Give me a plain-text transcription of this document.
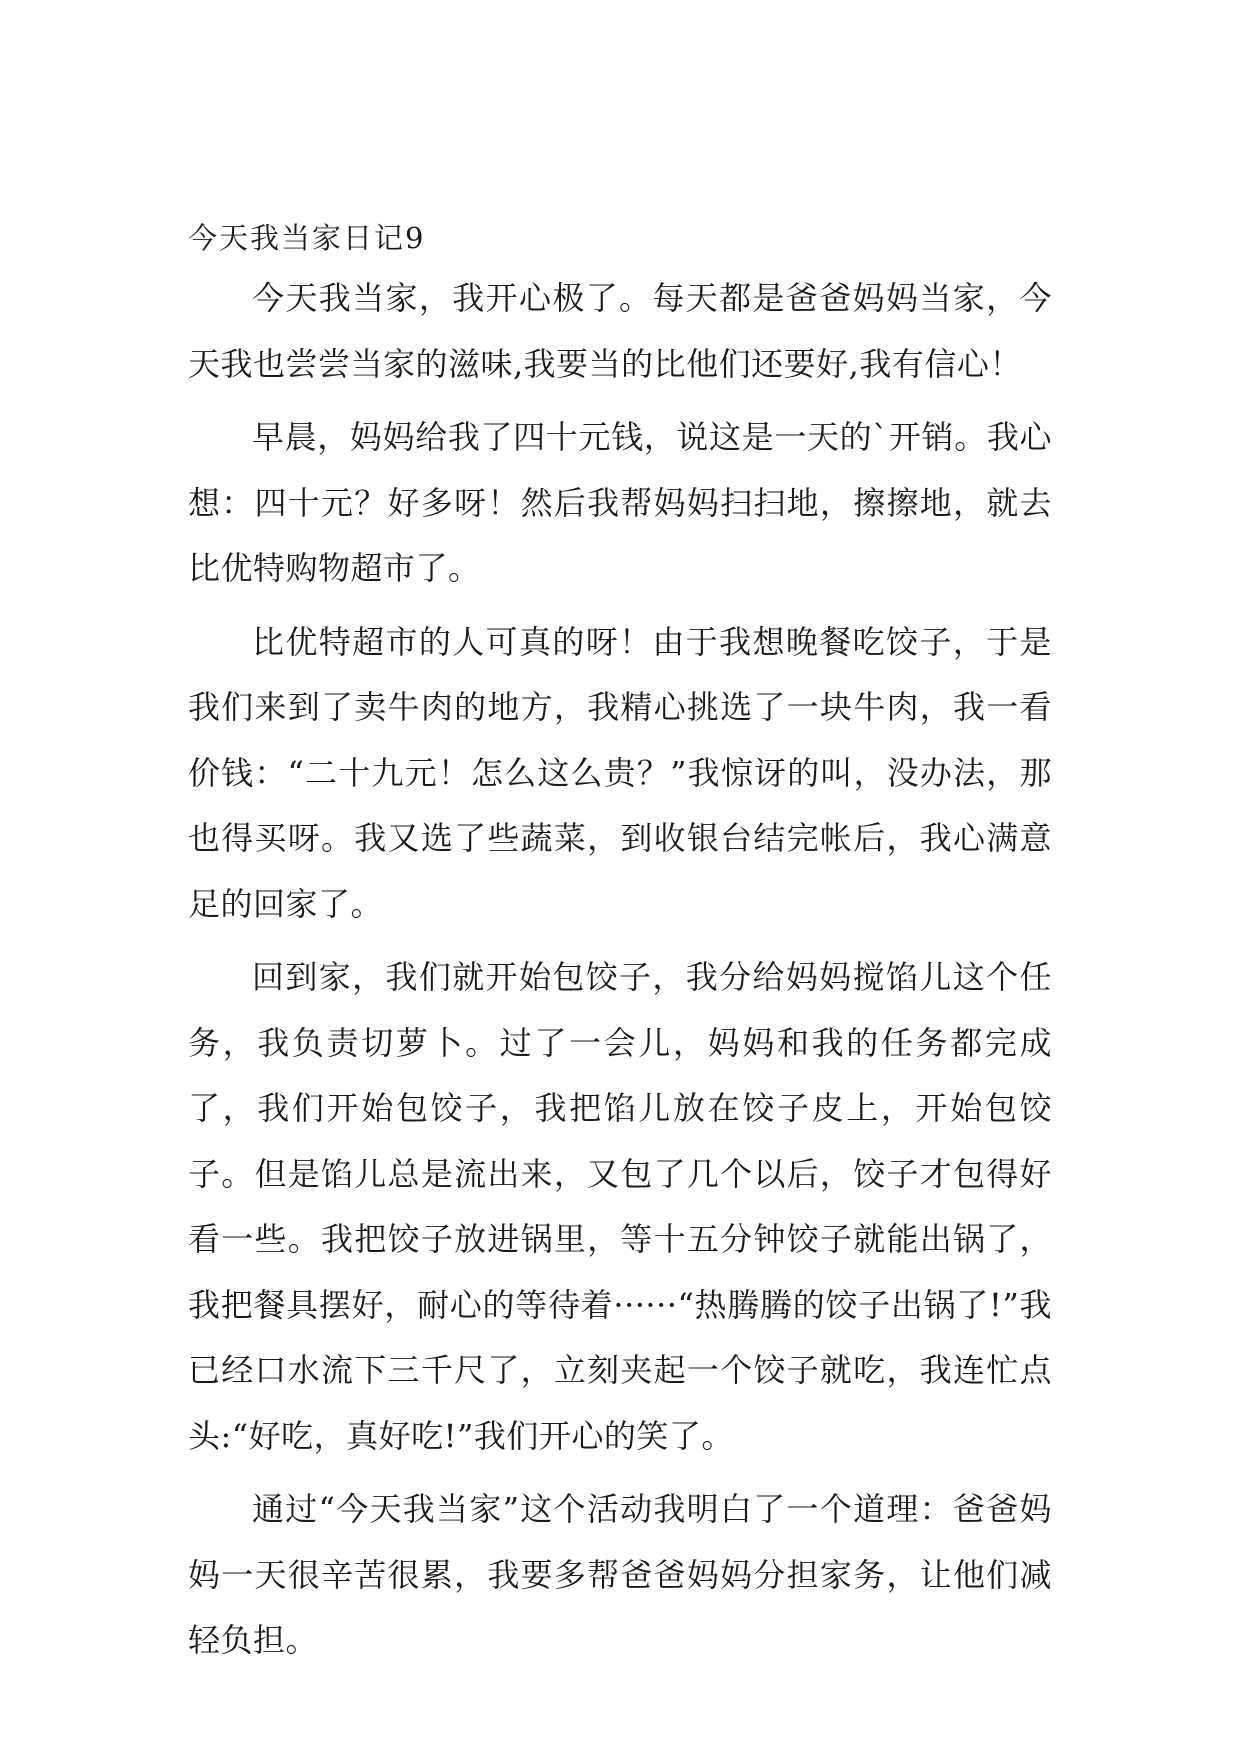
今天我当家日记9

今天我当家，我开心极了。每天都是爸爸妈妈当家，今天我也尝尝当家的滋味,我要当的比他们还要好,我有信心！

早晨，妈妈给我了四十元钱，说这是一天的`开销。我心想：四十元？好多呀！然后我帮妈妈扫扫地，擦擦地，就去比优特购物超市了。

比优特超市的人可真的呀！由于我想晚餐吃饺子，于是我们来到了卖牛肉的地方，我精心挑选了一块牛肉，我一看价钱：“二十九元！怎么这么贵？”我惊讶的叫，没办法，那也得买呀。我又选了些蔬菜，到收银台结完帐后，我心满意足的回家了。

回到家，我们就开始包饺子，我分给妈妈搅馅儿这个任务，我负责切萝卜。过了一会儿，妈妈和我的任务都完成了，我们开始包饺子，我把馅儿放在饺子皮上，开始包饺子。但是馅儿总是流出来，又包了几个以后，饺子才包得好看一些。我把饺子放进锅里，等十五分钟饺子就能出锅了，我把餐具摆好，耐心的等待着······“热腾腾的饺子出锅了!”我已经口水流下三千尺了，立刻夹起一个饺子就吃，我连忙点头:“好吃，真好吃!”我们开心的笑了。

通过“今天我当家”这个活动我明白了一个道理：爸爸妈妈一天很辛苦很累，我要多帮爸爸妈妈分担家务，让他们减轻负担。
